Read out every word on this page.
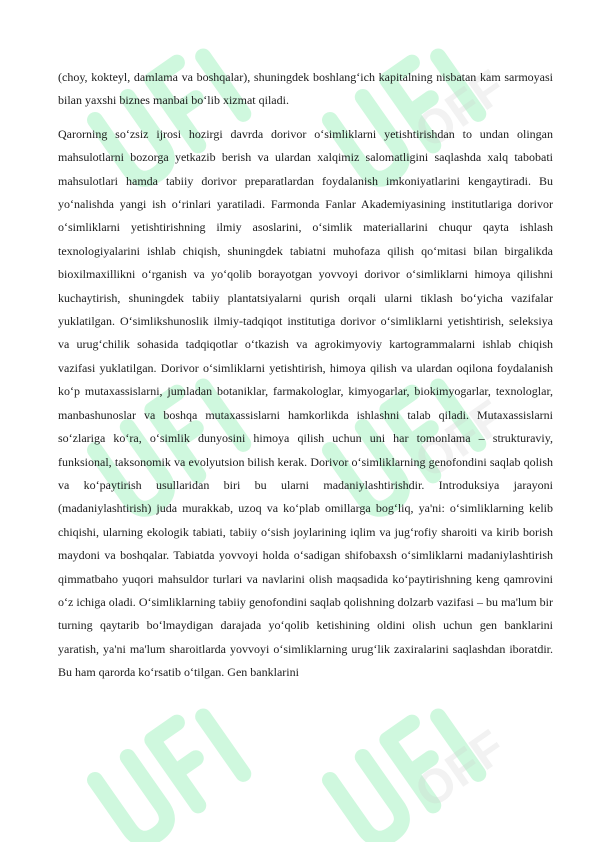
OFF
OFF
OFF

(choy, kokteyl, damlama va boshqalar), shuningdek boshlang‘ich kapitalning nisbatan kam sarmoyasi bilan yaxshi biznes manbai bo‘lib xizmat qiladi.

Qarorning so‘zsiz ijrosi hozirgi davrda dorivor o‘simliklarni yetishtirishdan to undan olingan mahsulotlarni bozorga yetkazib berish va ulardan xalqimiz salomatligini saqlashda xalq tabobati mahsulotlari hamda tabiiy dorivor preparatlardan foydalanish imkoniyatlarini kengaytiradi. Bu yo‘nalishda yangi ish o‘rinlari yaratiladi. Farmonda Fanlar Akademiyasining institutlariga dorivor o‘simliklarni yetishtirishning ilmiy asoslarini, o‘simlik materiallarini chuqur qayta ishlash texnologiyalarini ishlab chiqish, shuningdek tabiatni muhofaza qilish qo‘mitasi bilan birgalikda bioxilmaxillikni o‘rganish va yo‘qolib borayotgan yovvoyi dorivor o‘simliklarni himoya qilishni kuchaytirish, shuningdek tabiiy plantatsiyalarni qurish orqali ularni tiklash bo‘yicha vazifalar yuklatilgan. O‘simlikshunoslik ilmiy-tadqiqot institutiga dorivor o‘simliklarni yetishtirish, seleksiya va urug‘chilik sohasida tadqiqotlar o‘tkazish va agrokimyoviy kartogrammalarni ishlab chiqish vazifasi yuklatilgan. Dorivor o‘simliklarni yetishtirish, himoya qilish va ulardan oqilona foydalanish ko‘p mutaxassislarni, jumladan botaniklar, farmakologlar, kimyogarlar, biokimyogarlar, texnologlar, manbashunoslar va boshqa mutaxassislarni hamkorlikda ishlashni talab qiladi. Mutaxassislarni so‘zlariga ko‘ra, o‘simlik dunyosini himoya qilish uchun uni har tomonlama – strukturaviy, funksional, taksonomik va evolyutsion bilish kerak. Dorivor o‘simliklarning genofondini saqlab qolish va ko‘paytirish usullaridan biri bu ularni madaniylashtirishdir. Introduksiya jarayoni (madaniylashtirish) juda murakkab, uzoq va ko‘plab omillarga bog‘liq, ya'ni: o‘simliklarning kelib chiqishi, ularning ekologik tabiati, tabiiy o‘sish joylarining iqlim va jug‘rofiy sharoiti va kirib borish maydoni va boshqalar. Tabiatda yovvoyi holda o‘sadigan shifobaxsh o‘simliklarni madaniylashtirish qimmatbaho yuqori mahsuldor turlari va navlarini olish maqsadida ko‘paytirishning keng qamrovini o‘z ichiga oladi. O‘simliklarning tabiiy genofondini saqlab qolishning dolzarb vazifasi – bu ma'lum bir turning qaytarib bo‘lmaydigan darajada yo‘qolib ketishining oldini olish uchun gen banklarini yaratish, ya'ni ma'lum sharoitlarda yovvoyi o‘simliklarning urug‘lik zaxiralarini saqlashdan iboratdir. Bu ham qarorda ko‘rsatib o‘tilgan. Gen banklarini
